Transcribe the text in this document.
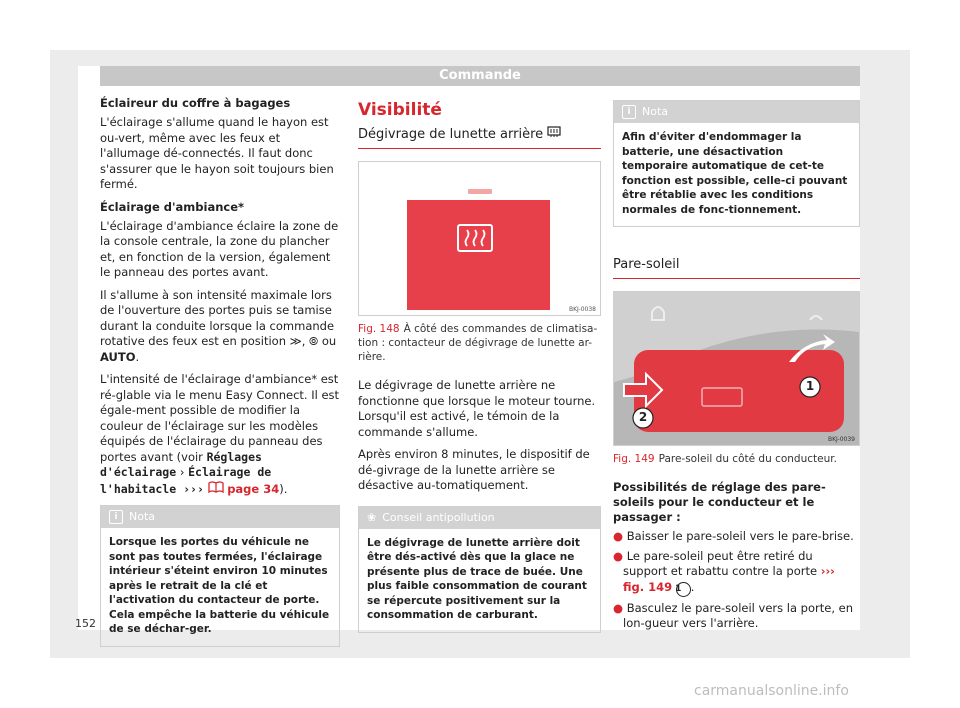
Commande
Éclaireur du coffre à bagages
L'éclairage s'allume quand le hayon est ou-vert, même avec les feux et l'allumage dé-connectés. Il faut donc s'assurer que le hayon soit toujours bien fermé.
Éclairage d'ambiance*
L'éclairage d'ambiance éclaire la zone de la console centrale, la zone du plancher et, en fonction de la version, également le panneau des portes avant.
Il s'allume à son intensité maximale lors de l'ouverture des portes puis se tamise durant la conduite lorsque la commande rotative des feux est en position ≫, ⦾ ou AUTO.
L'intensité de l'éclairage d'ambiance* est ré-glable via le menu Easy Connect. Il est égale-ment possible de modifier la couleur de l'éclairage sur les modèles équipés de l'éclairage du panneau des portes avant (voir Réglages d'éclairage › Éclairage de l'habitacle ››› page 34).
i Nota
Lorsque les portes du véhicule ne sont pas toutes fermées, l'éclairage intérieur s'éteint environ 10 minutes après le retrait de la clé et l'activation du contacteur de porte. Cela empêche la batterie du véhicule de se déchar-ger.
Visibilité
Dégivrage de lunette arrière
BKJ-0038
Fig. 148 À côté des commandes de climatisa-tion : contacteur de dégivrage de lunette ar-rière.
Le dégivrage de lunette arrière ne fonctionne que lorsque le moteur tourne. Lorsqu'il est activé, le témoin de la commande s'allume.
Après environ 8 minutes, le dispositif de dé-givrage de la lunette arrière se désactive au-tomatiquement.
❀ Conseil antipollution
Le dégivrage de lunette arrière doit être dés-activé dès que la glace ne présente plus de trace de buée. Une plus faible consommation de courant se répercute positivement sur la consommation de carburant.
i Nota
Afin d'éviter d'endommager la batterie, une désactivation temporaire automatique de cet-te fonction est possible, celle-ci pouvant être rétablie avec les conditions normales de fonc-tionnement.
Pare-soleil
1
2
BKJ-0039
Fig. 149 Pare-soleil du côté du conducteur.
Possibilités de réglage des pare-soleils pour le conducteur et le passager :
● Baisser le pare-soleil vers le pare-brise.
● Le pare-soleil peut être retiré du support et rabattu contre la porte ››› fig. 149 1 .
● Basculez le pare-soleil vers la porte, en lon-gueur vers l'arrière.
152
carmanualsonline.info
